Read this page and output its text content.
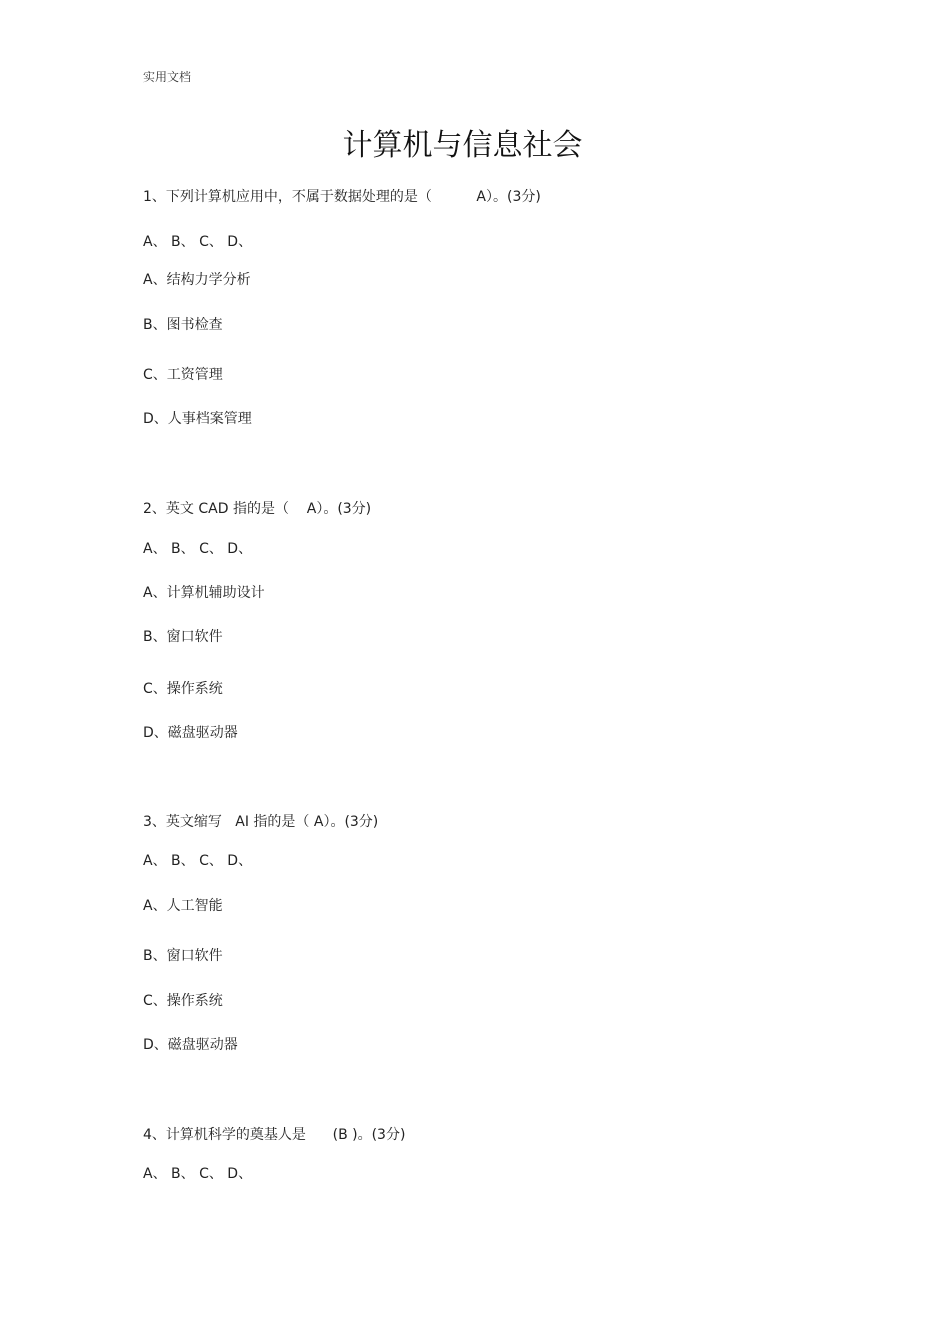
实用文档
计算机与信息社会
1、下列计算机应用中，不属于数据处理的是（          A）。(3分)
A、 B、 C、 D、
A、结构力学分析
B、图书检查
C、工资管理
D、人事档案管理
2、英文 CAD 指的是（    A）。(3分)
A、 B、 C、 D、
A、计算机辅助设计
B、窗口软件
C、操作系统
D、磁盘驱动器
3、英文缩写   AI 指的是（ A）。(3分)
A、 B、 C、 D、
A、人工智能
B、窗口软件
C、操作系统
D、磁盘驱动器
4、计算机科学的奠基人是      (B )。(3分)
A、 B、 C、 D、
